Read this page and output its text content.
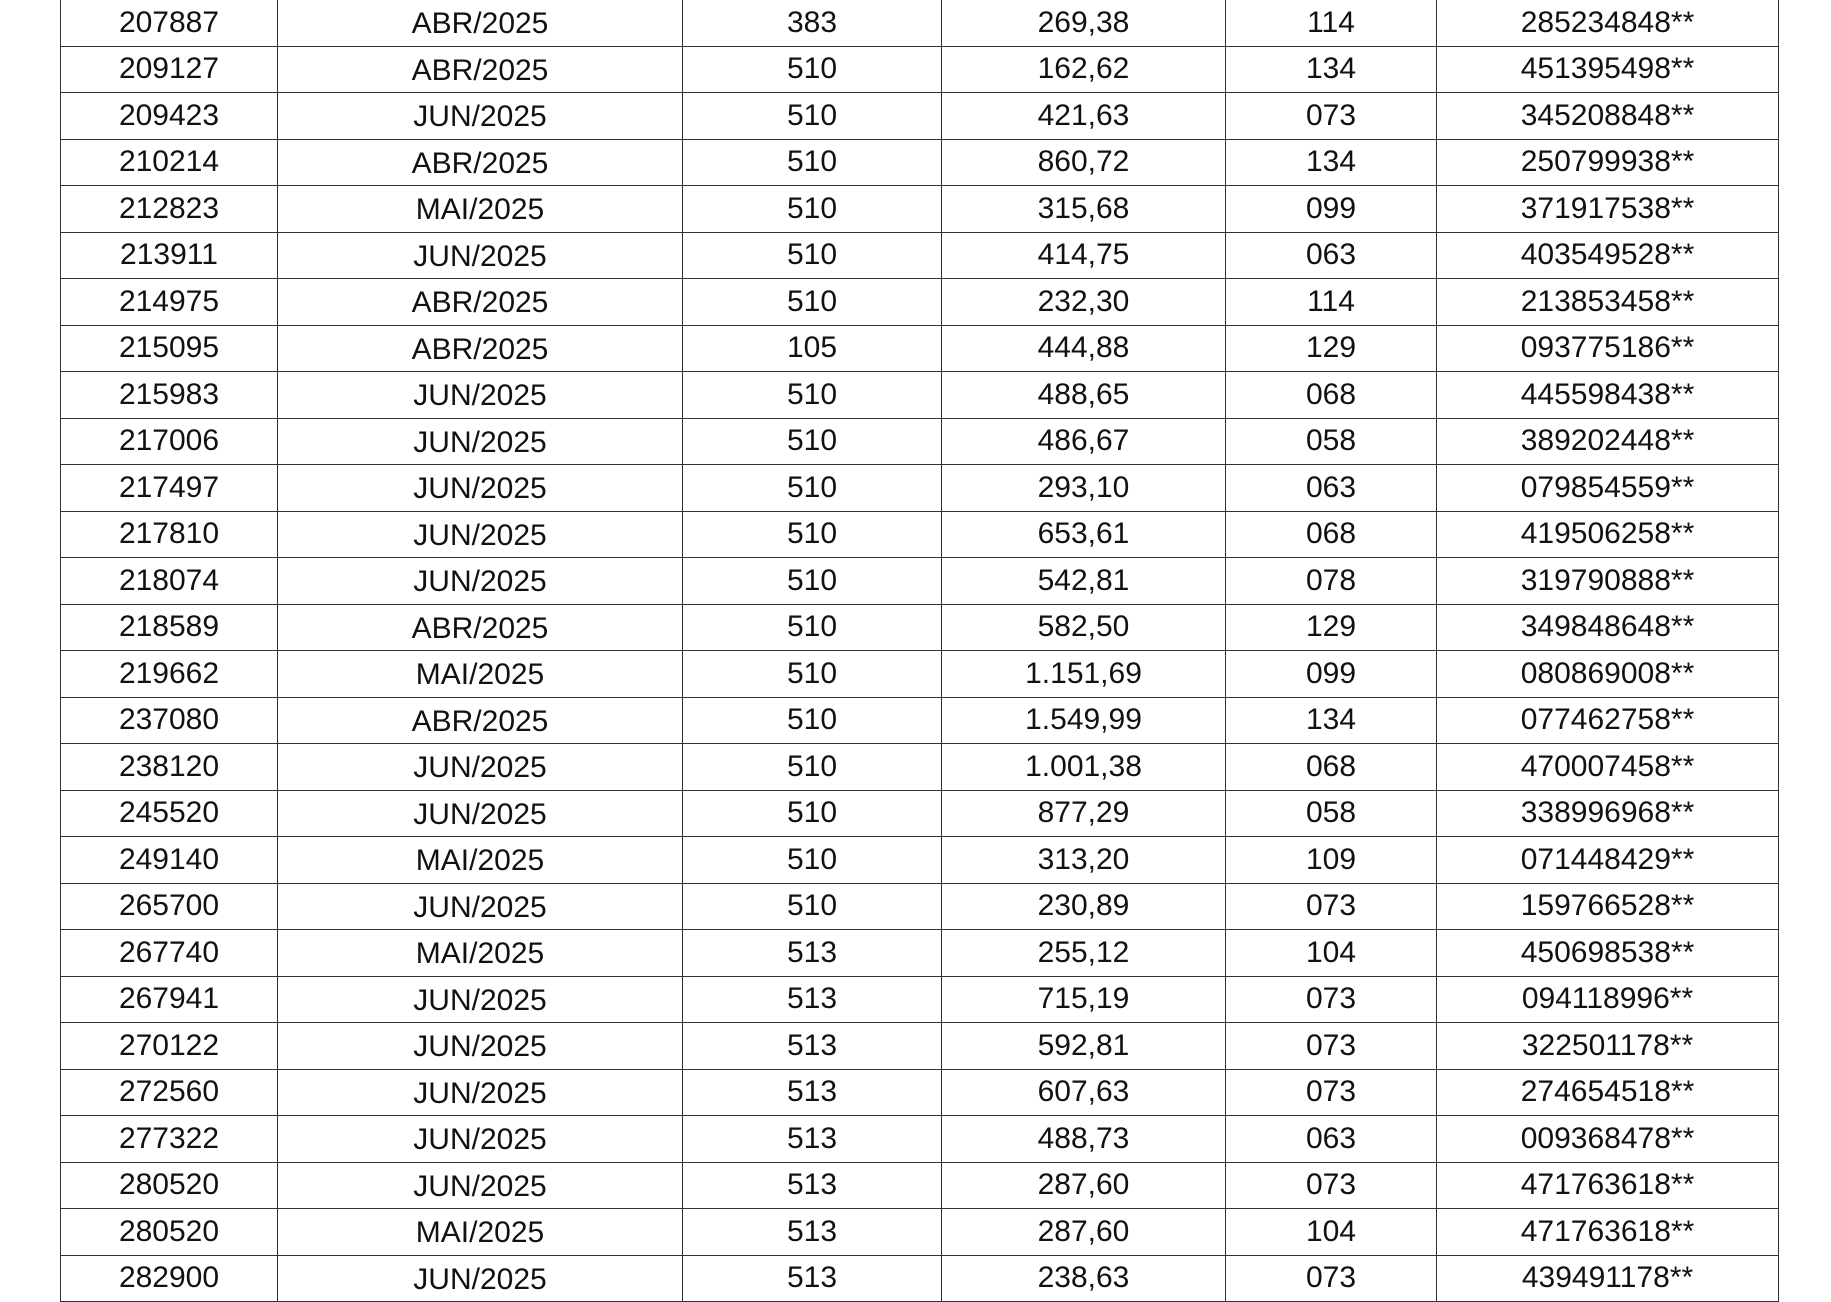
207887	ABR/2025	383	269,38	114	285234848**
209127	ABR/2025	510	162,62	134	451395498**
209423	JUN/2025	510	421,63	073	345208848**
210214	ABR/2025	510	860,72	134	250799938**
212823	MAI/2025	510	315,68	099	371917538**
213911	JUN/2025	510	414,75	063	403549528**
214975	ABR/2025	510	232,30	114	213853458**
215095	ABR/2025	105	444,88	129	093775186**
215983	JUN/2025	510	488,65	068	445598438**
217006	JUN/2025	510	486,67	058	389202448**
217497	JUN/2025	510	293,10	063	079854559**
217810	JUN/2025	510	653,61	068	419506258**
218074	JUN/2025	510	542,81	078	319790888**
218589	ABR/2025	510	582,50	129	349848648**
219662	MAI/2025	510	1.151,69	099	080869008**
237080	ABR/2025	510	1.549,99	134	077462758**
238120	JUN/2025	510	1.001,38	068	470007458**
245520	JUN/2025	510	877,29	058	338996968**
249140	MAI/2025	510	313,20	109	071448429**
265700	JUN/2025	510	230,89	073	159766528**
267740	MAI/2025	513	255,12	104	450698538**
267941	JUN/2025	513	715,19	073	094118996**
270122	JUN/2025	513	592,81	073	322501178**
272560	JUN/2025	513	607,63	073	274654518**
277322	JUN/2025	513	488,73	063	009368478**
280520	JUN/2025	513	287,60	073	471763618**
280520	MAI/2025	513	287,60	104	471763618**
282900	JUN/2025	513	238,63	073	439491178**
